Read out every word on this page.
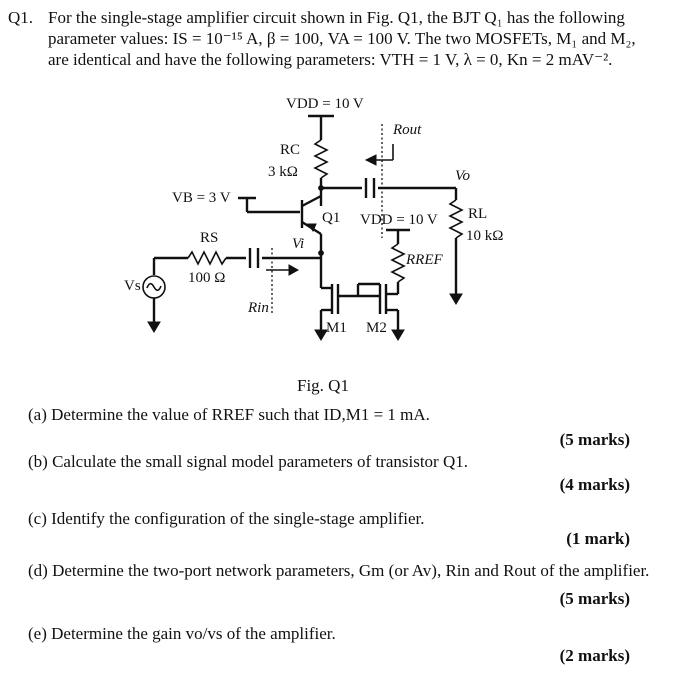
Q1. For the single-stage amplifier circuit shown in Fig. Q1, the BJT Q₁ has the following
parameter values: IS = 10⁻¹⁵ A, β = 100, VA = 100 V. The two MOSFETs, M₁ and M₂,
are identical and have the following parameters: VTH = 1 V, λ = 0, Kn = 2 mAV⁻².
VDD = 10 V
RC
3 kΩ	Vo
Rout
RL
10 kΩ
VB = 3 V
Q1
Vi
RS
100 Ω
Rin
Vs
VDD = 10 V
RREF
M1 M2
Fig. Q1
(a) Determine the value of RREF such that ID,M1 = 1 mA.
(5 marks)
(b) Calculate the small signal model parameters of transistor Q1.
(4 marks)
(c) Identify the configuration of the single-stage amplifier.
(1 mark)
(d) Determine the two-port network parameters, Gm (or Av), Rin and Rout of the amplifier.
(5 marks)
(e) Determine the gain vo/vs of the amplifier.
(2 marks)
